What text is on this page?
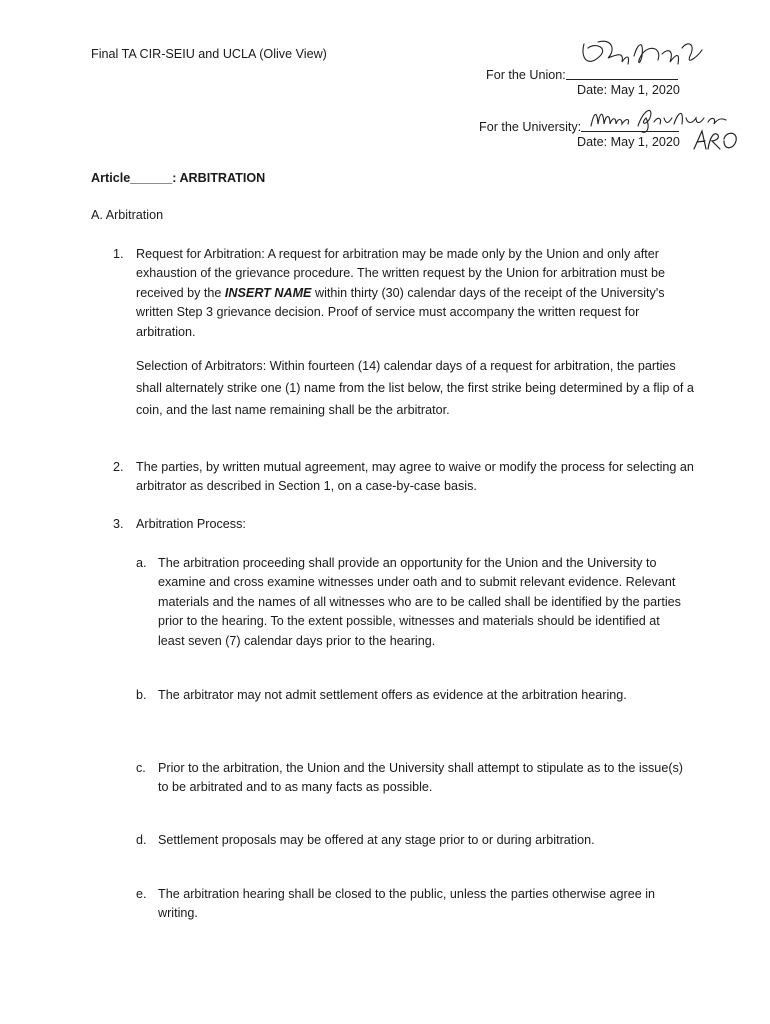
Final TA CIR-SEIU and UCLA (Olive View)
For the Union:
Date: May 1, 2020
For the University:
Date: May 1, 2020
Article______: ARBITRATION
A. Arbitration
1. Request for Arbitration: A request for arbitration may be made only by the Union and only after exhaustion of the grievance procedure. The written request by the Union for arbitration must be received by the INSERT NAME within thirty (30) calendar days of the receipt of the University's written Step 3 grievance decision. Proof of service must accompany the written request for arbitration.
Selection of Arbitrators: Within fourteen (14) calendar days of a request for arbitration, the parties shall alternately strike one (1) name from the list below, the first strike being determined by a flip of a coin, and the last name remaining shall be the arbitrator.
2. The parties, by written mutual agreement, may agree to waive or modify the process for selecting an arbitrator as described in Section 1, on a case-by-case basis.
3. Arbitration Process:
a. The arbitration proceeding shall provide an opportunity for the Union and the University to examine and cross examine witnesses under oath and to submit relevant evidence. Relevant materials and the names of all witnesses who are to be called shall be identified by the parties prior to the hearing. To the extent possible, witnesses and materials should be identified at least seven (7) calendar days prior to the hearing.
b. The arbitrator may not admit settlement offers as evidence at the arbitration hearing.
c. Prior to the arbitration, the Union and the University shall attempt to stipulate as to the issue(s) to be arbitrated and to as many facts as possible.
d. Settlement proposals may be offered at any stage prior to or during arbitration.
e. The arbitration hearing shall be closed to the public, unless the parties otherwise agree in writing.
